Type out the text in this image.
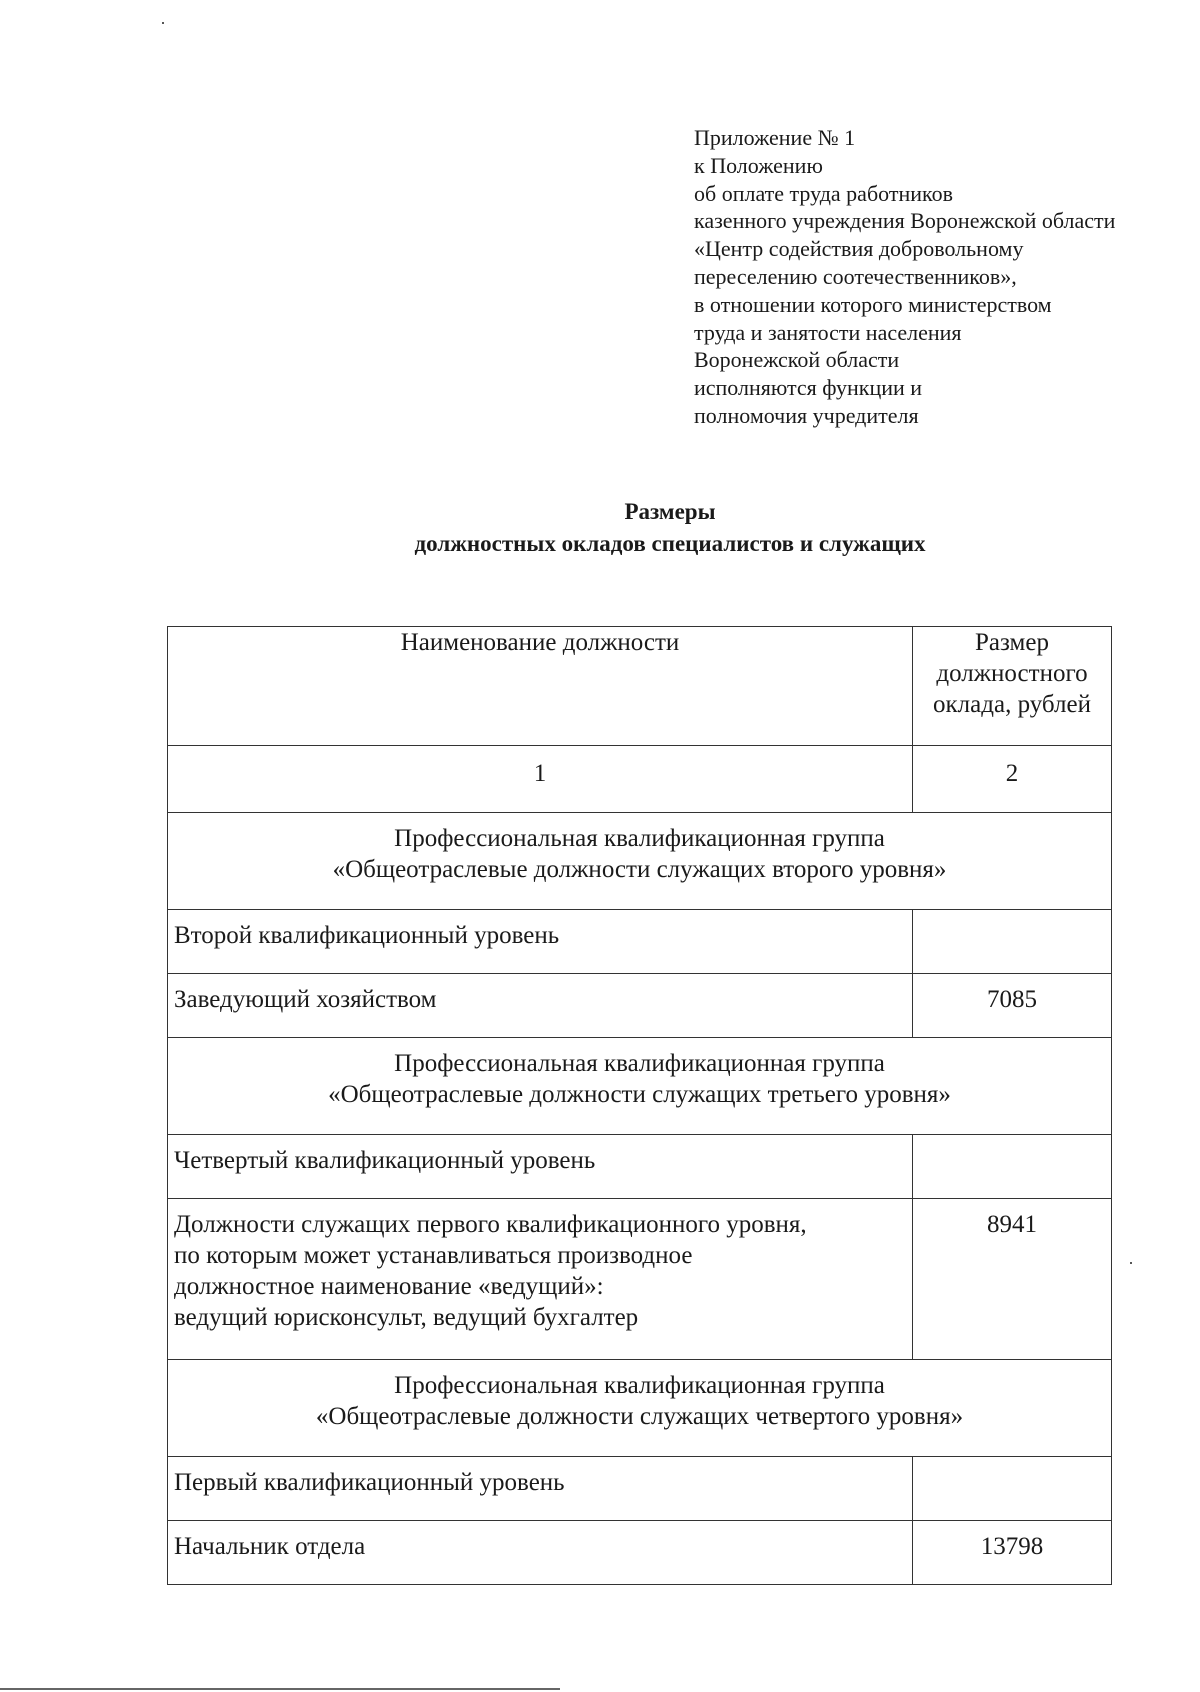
Приложение № 1
к Положению
об оплате труда работников
казенного учреждения Воронежской области
«Центр содействия добровольному
переселению соотечественников»,
в отношении которого министерством
труда и занятости населения
Воронежской области
исполняются функции и
полномочия учредителя
Размеры
должностных окладов специалистов и служащих
Наименование должности	Размер
должностного
оклада, рублей

1	2

Профессиональная квалификационная группа
«Общеотраслевые должности служащих второго уровня»	

Второй квалификационный уровень	
Заведующий хозяйством	7085

Профессиональная квалификационная группа
«Общеотраслевые должности служащих третьего уровня»	

Четвертый квалификационный уровень	

Должности служащих первого квалификационного уровня,
по которым может устанавливаться производное
должностное наименование «ведущий»:
ведущий юрисконсульт, ведущий бухгалтер	8941

Профессиональная квалификационная группа
«Общеотраслевые должности служащих четвертого уровня»	

Первый квалификационный уровень	
Начальник отдела	13798
